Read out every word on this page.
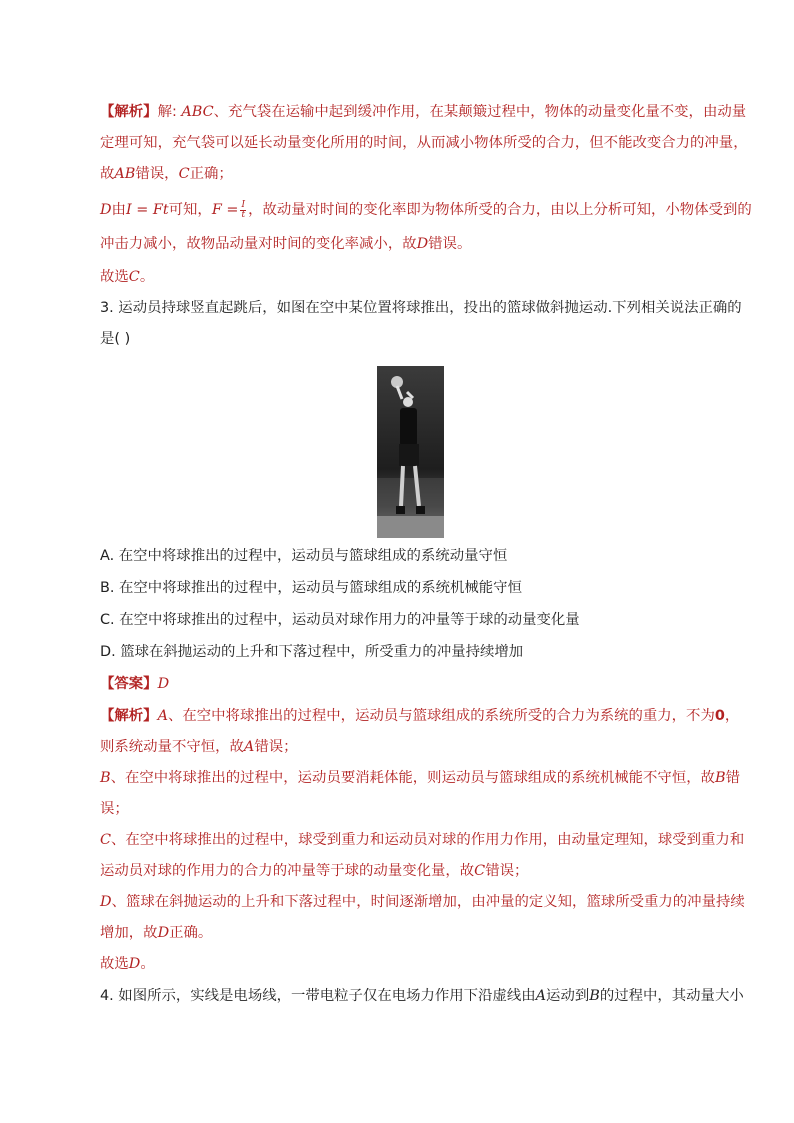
【解析】解: ABC、充气袋在运输中起到缓冲作用，在某颠簸过程中，物体的动量变化量不变，由动量
定理可知，充气袋可以延长动量变化所用的时间，从而减小物体所受的合力，但不能改变合力的冲量，
故AB错误，C正确；
D由I = Ft可知，$F = \frac{I}{t}$ ，故动量对时间的变化率即为物体所受的合力，由以上分析可知，小物体受到的
冲击力减小，故物品动量对时间的变化率减小，故D错误。
故选C。
3. 运动员持球竖直起跳后，如图在空中某位置将球推出，投出的篮球做斜抛运动.下列相关说法正确的
是( )
A. 在空中将球推出的过程中，运动员与篮球组成的系统动量守恒
B. 在空中将球推出的过程中，运动员与篮球组成的系统机械能守恒
C. 在空中将球推出的过程中，运动员对球作用力的冲量等于球的动量变化量
D. 篮球在斜抛运动的上升和下落过程中，所受重力的冲量持续增加
【答案】D
【解析】A、在空中将球推出的过程中，运动员与篮球组成的系统所受的合力为系统的重力，不为0，
则系统动量不守恒，故A错误；
B、在空中将球推出的过程中，运动员要消耗体能，则运动员与篮球组成的系统机械能不守恒，故B错
误；
C、在空中将球推出的过程中，球受到重力和运动员对球的作用力作用，由动量定理知，球受到重力和
运动员对球的作用力的合力的冲量等于球的动量变化量，故C错误；
D、篮球在斜抛运动的上升和下落过程中，时间逐渐增加，由冲量的定义知，篮球所受重力的冲量持续
增加，故D正确。
故选D。
4. 如图所示，实线是电场线，一带电粒子仅在电场力作用下沿虚线由A运动到B的过程中，其动量大小
